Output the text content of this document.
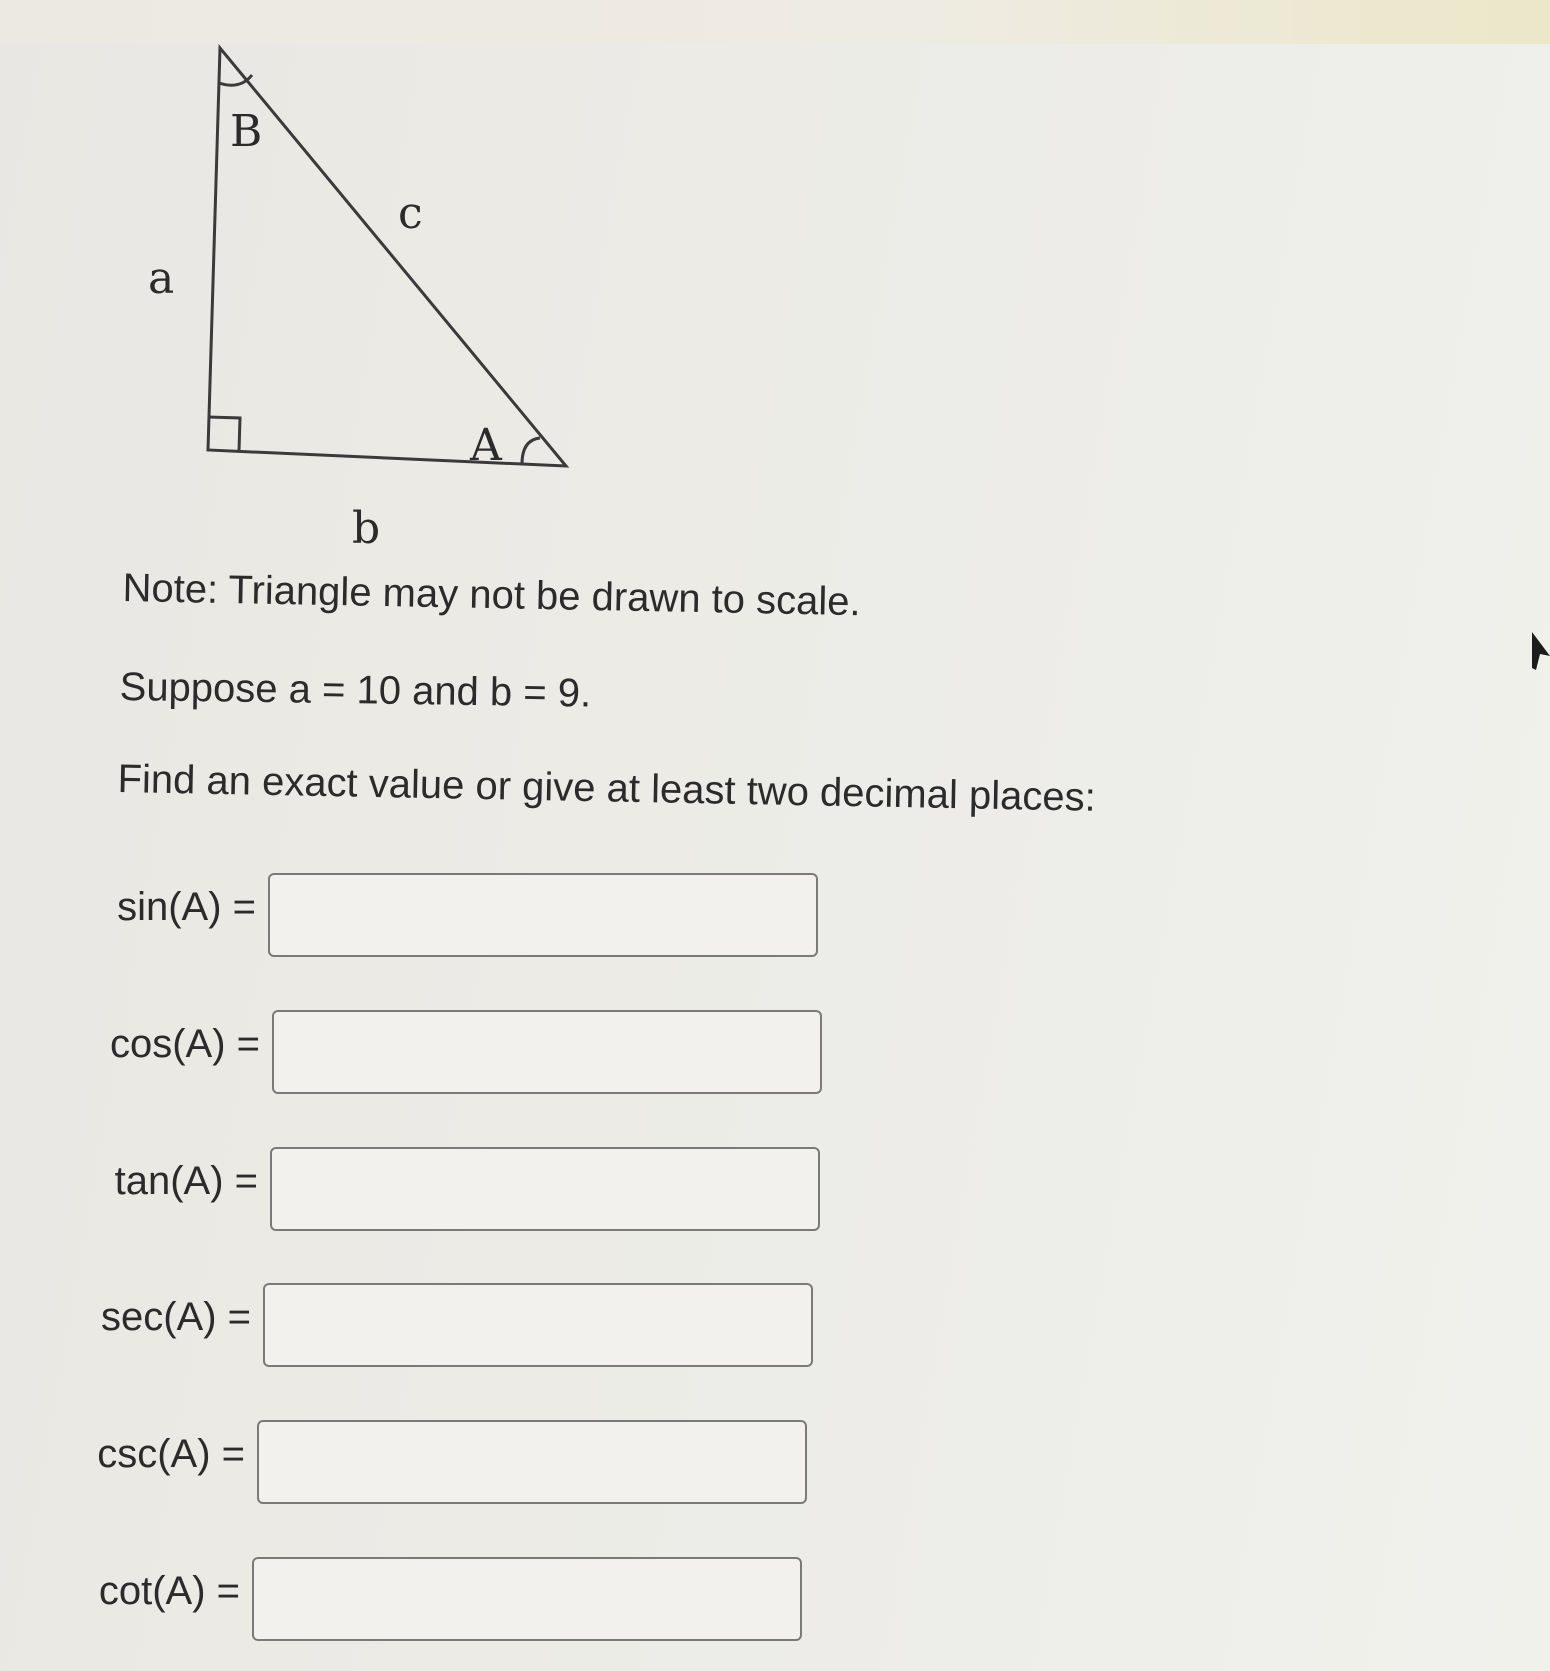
B
A
a
b
c

Note: Triangle may not be drawn to scale.

Suppose a = 10 and b = 9.

Find an exact value or give at least two decimal places:

sin(A) =
cos(A) =
tan(A) =
sec(A) =
csc(A) =
cot(A) =
